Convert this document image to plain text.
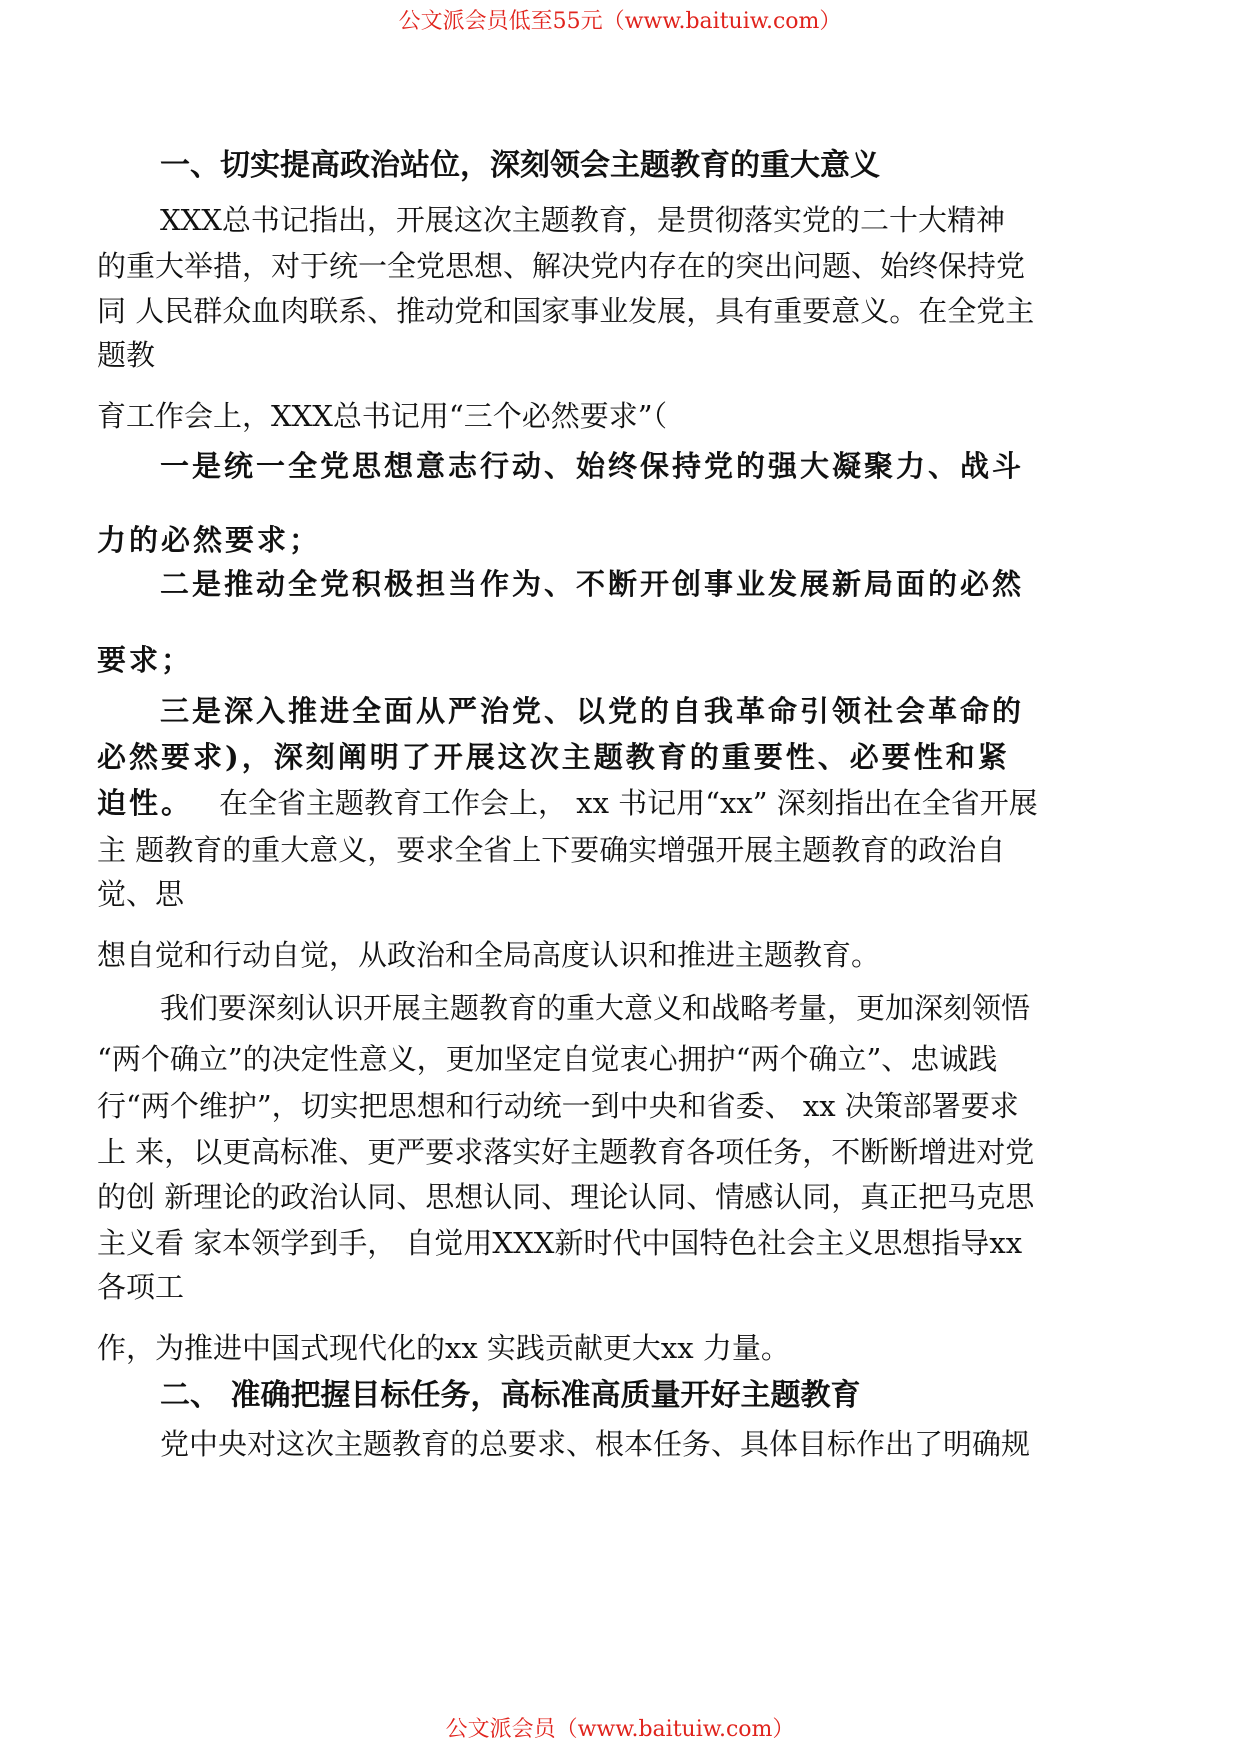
公文派会员低至55元（www.baituiw.com）
一、切实提高政治站位，深刻领会主题教育的重大意义
XXX总书记指出，开展这次主题教育，是贯彻落实党的二十大精神
的重大举措，对于统一全党思想、解决党内存在的突出问题、始终保持党
同 人民群众血肉联系、推动党和国家事业发展，具有重要意义。在全党主
题教
育工作会上，XXX总书记用“三个必然要求”（
一是统一全党思想意志行动、始终保持党的强大凝聚力、战斗
力的必然要求；
二是推动全党积极担当作为、不断开创事业发展新局面的必然
要求；
三是深入推进全面从严治党、以党的自我革命引领社会革命的
必然要求)，深刻阐明了开展这次主题教育的重要性、必要性和紧
迫性。 在全省主题教育工作会上， xx 书记用“xx” 深刻指出在全省开展
主 题教育的重大意义，要求全省上下要确实增强开展主题教育的政治自
觉、思
想自觉和行动自觉，从政治和全局高度认识和推进主题教育。
我们要深刻认识开展主题教育的重大意义和战略考量，更加深刻领悟
“两个确立”的决定性意义，更加坚定自觉衷心拥护“两个确立”、忠诚践
行“两个维护”，切实把思想和行动统一到中央和省委、 xx 决策部署要求
上 来，以更高标准、更严要求落实好主题教育各项任务，不断断增进对党
的创 新理论的政治认同、思想认同、理论认同、情感认同，真正把马克思
主义看 家本领学到手， 自觉用XXX新时代中国特色社会主义思想指导xx
各项工
作，为推进中国式现代化的xx 实践贡献更大xx 力量。
二、 准确把握目标任务，高标准高质量开好主题教育
党中央对这次主题教育的总要求、根本任务、具体目标作出了明确规
公文派会员（www.baituiw.com）
